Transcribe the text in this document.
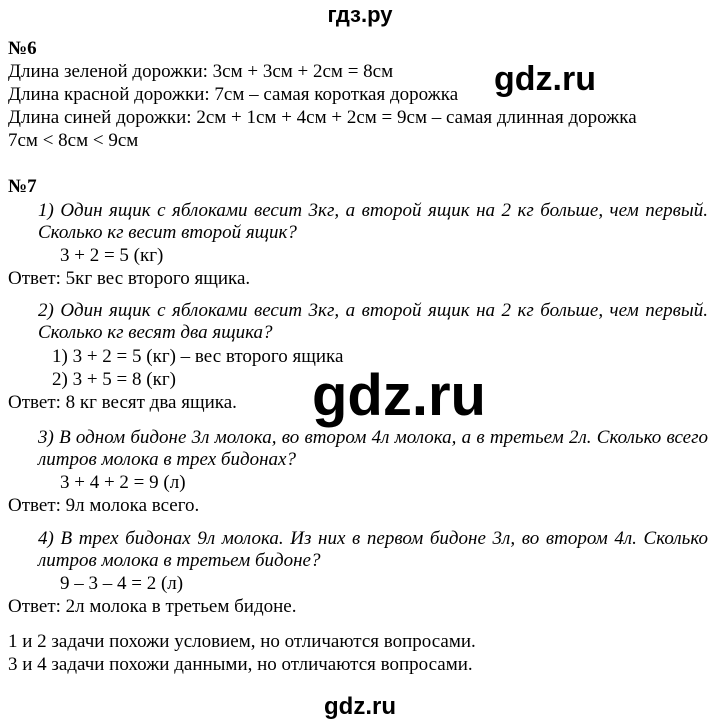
гдз.ру
№6
Длина зеленой дорожки: 3см + 3см + 2см = 8см
Длина красной дорожки: 7см – самая короткая дорожка
Длина синей дорожки: 2см + 1см + 4см + 2см = 9см – самая длинная дорожка
7см < 8см < 9см
gdz.ru
№7
1) Один ящик с яблоками весит 3кг, а второй ящик на 2 кг больше, чем первый. Сколько кг весит второй ящик?
3 + 2 = 5 (кг)
Ответ: 5кг вес второго ящика.
2) Один ящик с яблоками весит 3кг, а второй ящик на 2 кг больше, чем первый. Сколько кг весят два ящика?
1) 3 + 2 = 5 (кг) – вес второго ящика
2) 3 + 5 = 8 (кг)
Ответ: 8 кг весят два ящика. gdz.ru
3) В одном бидоне 3л молока, во втором 4л молока, а в третьем 2л. Сколько всего литров молока в трех бидонах?
3 + 4 + 2 = 9 (л)
Ответ: 9л молока всего.
4) В трех бидонах 9л молока. Из них в первом бидоне 3л, во втором 4л. Сколько литров молока в третьем бидоне?
9 – 3 – 4 = 2 (л)
Ответ: 2л молока в третьем бидоне.
1 и 2 задачи похожи условием, но отличаются вопросами.
3 и 4 задачи похожи данными, но отличаются вопросами.
gdz.ru
